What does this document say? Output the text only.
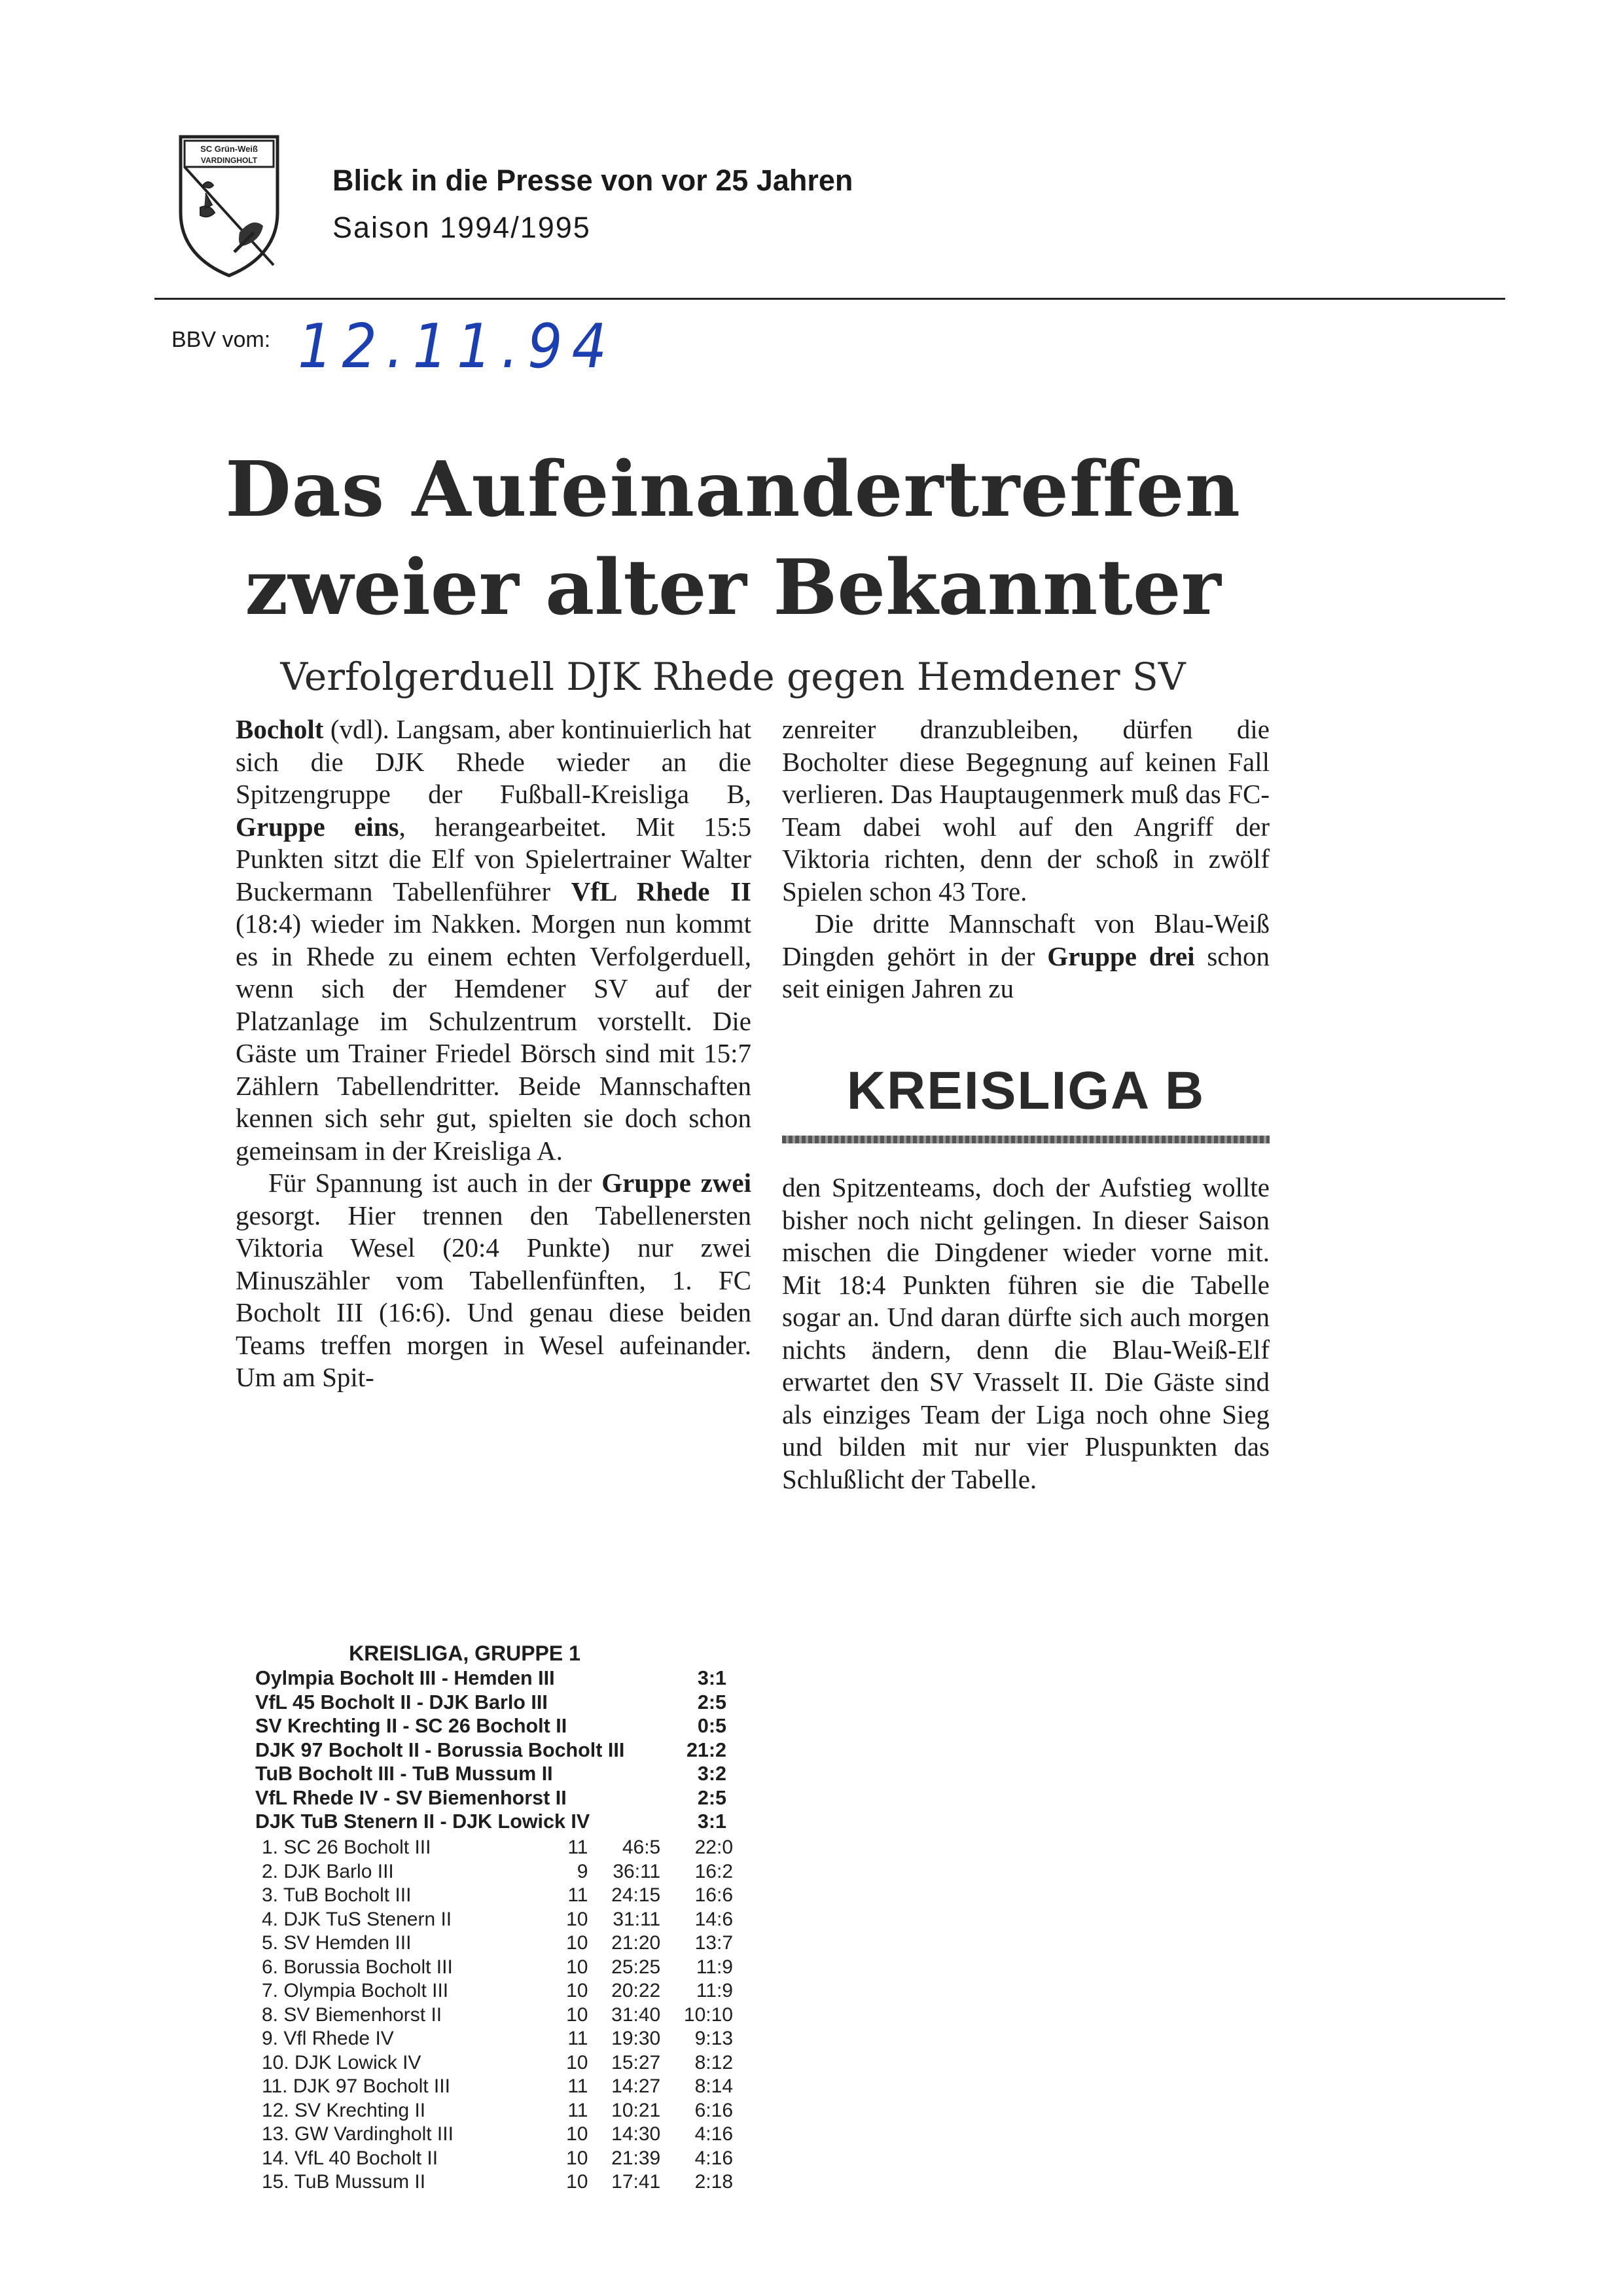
SC Grün-Weiß
VARDINGHOLT
Blick in die Presse von vor 25 Jahren
Saison 1994/1995
BBV vom: 12.11.94
Das Aufeinandertreffen
zweier alter Bekannter
Verfolgerduell DJK Rhede gegen Hemdener SV

Bocholt (vdl). Langsam, aber kontinuierlich hat sich die DJK Rhede wieder an die Spitzengruppe der Fußball-Kreisliga B, Gruppe eins, herangearbeitet. Mit 15:5 Punkten sitzt die Elf von Spielertrainer Walter Buckermann Tabellenführer VfL Rhede II (18:4) wieder im Nakken. Morgen nun kommt es in Rhede zu einem echten Verfolgerduell, wenn sich der Hemdener SV auf der Platzanlage im Schulzentrum vorstellt. Die Gäste um Trainer Friedel Börsch sind mit 15:7 Zählern Tabellendritter. Beide Mannschaften kennen sich sehr gut, spielten sie doch schon gemeinsam in der Kreisliga A.

Für Spannung ist auch in der Gruppe zwei gesorgt. Hier trennen den Tabellenersten Viktoria Wesel (20:4 Punkte) nur zwei Minuszähler vom Tabellenfünften, 1. FC Bocholt III (16:6). Und genau diese beiden Teams treffen morgen in Wesel aufeinander. Um am Spit-

zenreiter dranzubleiben, dürfen die Bocholter diese Begegnung auf keinen Fall verlieren. Das Hauptaugenmerk muß das FC-Team dabei wohl auf den Angriff der Viktoria richten, denn der schoß in zwölf Spielen schon 43 Tore.

Die dritte Mannschaft von Blau-Weiß Dingden gehört in der Gruppe drei schon seit einigen Jahren zu

KREISLIGA B

den Spitzenteams, doch der Aufstieg wollte bisher noch nicht gelingen. In dieser Saison mischen die Dingdener wieder vorne mit. Mit 18:4 Punkten führen sie die Tabelle sogar an. Und daran dürfte sich auch morgen nichts ändern, denn die Blau-Weiß-Elf erwartet den SV Vrasselt II. Die Gäste sind als einziges Team der Liga noch ohne Sieg und bilden mit nur vier Pluspunkten das Schlußlicht der Tabelle.

KREISLIGA, GRUPPE 1
Oylmpia Bocholt III - Hemden III	3:1
VfL 45 Bocholt II - DJK Barlo III	2:5
SV Krechting II - SC 26 Bocholt II	0:5
DJK 97 Bocholt II - Borussia Bocholt III	21:2
TuB Bocholt III - TuB Mussum II	3:2
VfL Rhede IV - SV Biemenhorst II	2:5
DJK TuB Stenern II - DJK Lowick IV	3:1
1. SC 26 Bocholt III	11	46:5	22:0
2. DJK Barlo III	9	36:11	16:2
3. TuB Bocholt III	11	24:15	16:6
4. DJK TuS Stenern II	10	31:11	14:6
5. SV Hemden III	10	21:20	13:7
6. Borussia Bocholt III	10	25:25	11:9
7. Olympia Bocholt III	10	20:22	11:9
8. SV Biemenhorst II	10	31:40	10:10
9. Vfl Rhede IV	11	19:30	9:13
10. DJK Lowick IV	10	15:27	8:12
11. DJK 97 Bocholt III	11	14:27	8:14
12. SV Krechting II	11	10:21	6:16
13. GW Vardingholt III	10	14:30	4:16
14. VfL 40 Bocholt II	10	21:39	4:16
15. TuB Mussum II	10	17:41	2:18
